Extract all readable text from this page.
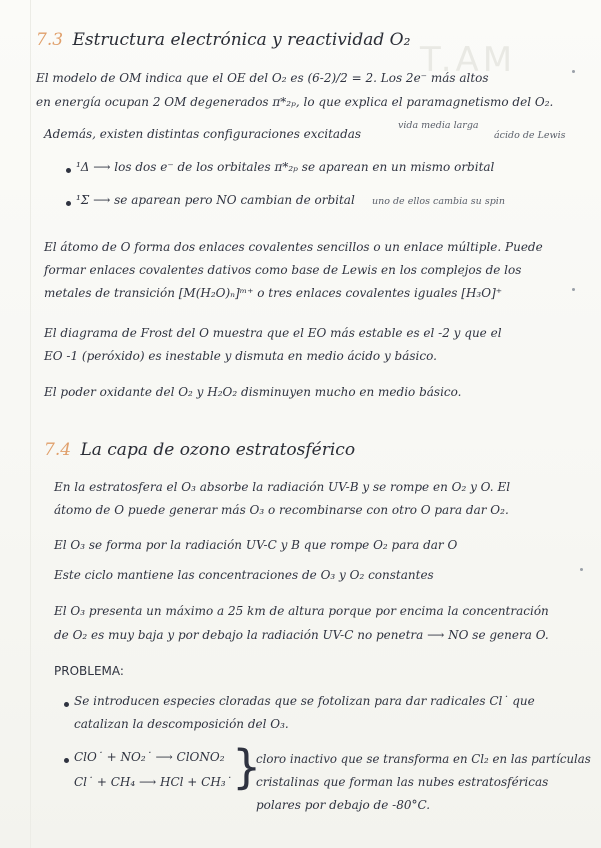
T.AM
7.3 Estructura electrónica y reactividad O₂
El modelo de OM indica que el OE del O₂ es (6-2)/2 = 2. Los 2e⁻ más altos
en energía ocupan 2 OM degenerados π*₂ₚ, lo que explica el paramagnetismo del O₂.
Además, existen distintas configuraciones excitadas
vida media larga
ácido de Lewis
¹Δ ⟶ los dos e⁻ de los orbitales π*₂ₚ se aparean en un mismo orbital
¹Σ ⟶ se aparean pero NO cambian de orbital uno de ellos cambia su spin
El átomo de O forma dos enlaces covalentes sencillos o un enlace múltiple. Puede
formar enlaces covalentes dativos como base de Lewis en los complejos de los
metales de transición [M(H₂O)ₙ]ᵐ⁺ o tres enlaces covalentes iguales [H₃O]⁺
El diagrama de Frost del O muestra que el EO más estable es el -2 y que el
EO -1 (peróxido) es inestable y dismuta en medio ácido y básico.
El poder oxidante del O₂ y H₂O₂ disminuyen mucho en medio básico.
7.4 La capa de ozono estratosférico
En la estratosfera el O₃ absorbe la radiación UV-B y se rompe en O₂ y O. El
átomo de O puede generar más O₃ o recombinarse con otro O para dar O₂.
El O₃ se forma por la radiación UV-C y B que rompe O₂ para dar O
Este ciclo mantiene las concentraciones de O₃ y O₂ constantes
El O₃ presenta un máximo a 25 km de altura porque por encima la concentración
de O₂ es muy baja y por debajo la radiación UV-C no penetra ⟶ NO se genera O.
PROBLEMA:
Se introducen especies cloradas que se fotolizan para dar radicales Cl˙ que
catalizan la descomposición del O₃.
ClO˙ + NO₂˙ ⟶ ClONO₂
Cl˙ + CH₄ ⟶ HCl + CH₃˙ }
cloro inactivo que se transforma en Cl₂ en las partículas
cristalinas que forman las nubes estratosféricas
polares por debajo de -80°C.
